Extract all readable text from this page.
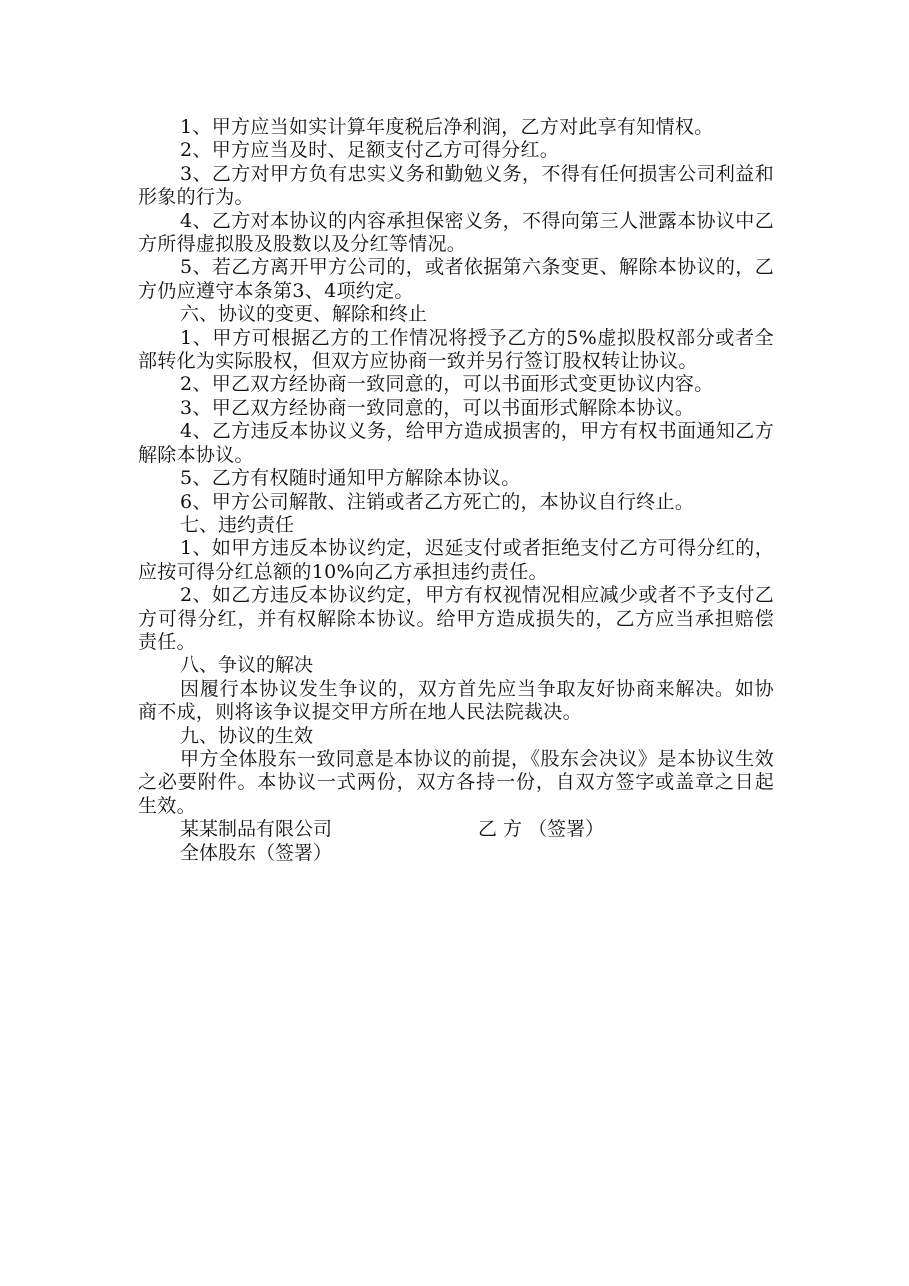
1、甲方应当如实计算年度税后净利润，乙方对此享有知情权。

2、甲方应当及时、足额支付乙方可得分红。

3、乙方对甲方负有忠实义务和勤勉义务，不得有任何损害公司利益和形象的行为。

4、乙方对本协议的内容承担保密义务，不得向第三人泄露本协议中乙方所得虚拟股及股数以及分红等情况。

5、若乙方离开甲方公司的，或者依据第六条变更、解除本协议的，乙方仍应遵守本条第3、4项约定。

六、协议的变更、解除和终止

1、甲方可根据乙方的工作情况将授予乙方的5%虚拟股权部分或者全部转化为实际股权，但双方应协商一致并另行签订股权转让协议。

2、甲乙双方经协商一致同意的，可以书面形式变更协议内容。

3、甲乙双方经协商一致同意的，可以书面形式解除本协议。

4、乙方违反本协议义务，给甲方造成损害的，甲方有权书面通知乙方解除本协议。

5、乙方有权随时通知甲方解除本协议。

6、甲方公司解散、注销或者乙方死亡的，本协议自行终止。

七、违约责任

1、如甲方违反本协议约定，迟延支付或者拒绝支付乙方可得分红的，应按可得分红总额的10%向乙方承担违约责任。

2、如乙方违反本协议约定，甲方有权视情况相应减少或者不予支付乙方可得分红，并有权解除本协议。给甲方造成损失的，乙方应当承担赔偿责任。

八、争议的解决

因履行本协议发生争议的，双方首先应当争取友好协商来解决。如协商不成，则将该争议提交甲方所在地人民法院裁决。

九、协议的生效

甲方全体股东一致同意是本协议的前提，《股东会决议》是本协议生效之必要附件。本协议一式两份，双方各持一份，自双方签字或盖章之日起生效。

某某制品有限公司	乙 方 （签署）

全体股东（签署）
